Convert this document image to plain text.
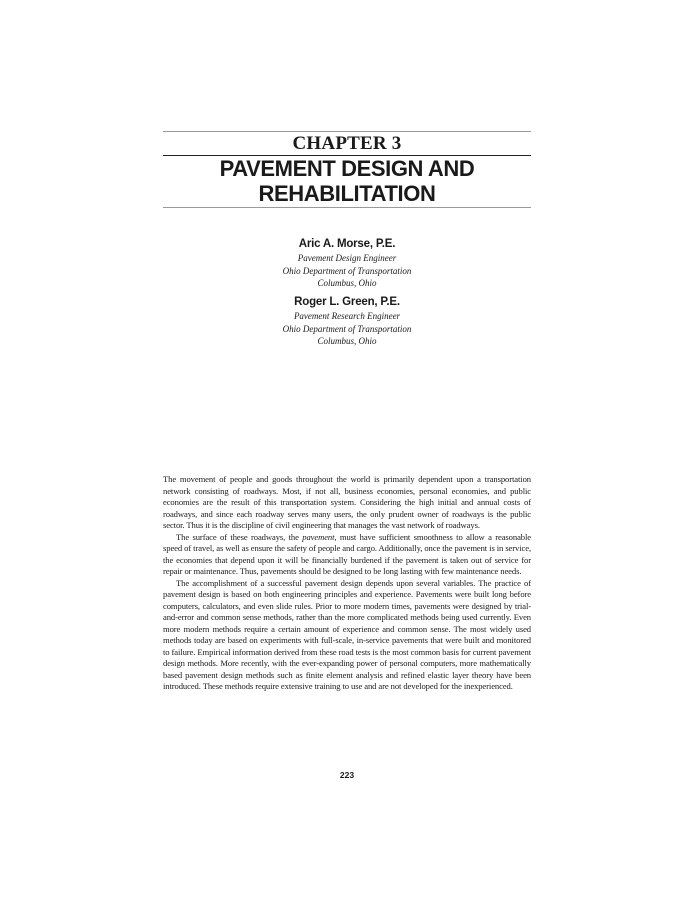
CHAPTER 3
PAVEMENT DESIGN AND
REHABILITATION
Aric A. Morse, P.E.
Pavement Design Engineer
Ohio Department of Transportation
Columbus, Ohio
Roger L. Green, P.E.
Pavement Research Engineer
Ohio Department of Transportation
Columbus, Ohio

The movement of people and goods throughout the world is primarily dependent upon a transportation network consisting of roadways. Most, if not all, business economies, personal economies, and public economies are the result of this transportation system. Considering the high initial and annual costs of roadways, and since each roadway serves many users, the only prudent owner of roadways is the public sector. Thus it is the discipline of civil engineering that manages the vast network of roadways.

The surface of these roadways, the pavement, must have sufficient smoothness to allow a reasonable speed of travel, as well as ensure the safety of people and cargo. Additionally, once the pavement is in service, the economies that depend upon it will be financially burdened if the pavement is taken out of service for repair or maintenance. Thus, pavements should be designed to be long lasting with few maintenance needs.

The accomplishment of a successful pavement design depends upon several variables. The practice of pavement design is based on both engineering principles and experience. Pavements were built long before computers, calculators, and even slide rules. Prior to more modern times, pavements were designed by trial-and-error and common sense methods, rather than the more complicated methods being used currently. Even more modern methods require a certain amount of experience and common sense. The most widely used methods today are based on experiments with full-scale, in-service pavements that were built and monitored to failure. Empirical information derived from these road tests is the most common basis for current pavement design methods. More recently, with the ever-expanding power of personal computers, more mathematically based pavement design methods such as finite element analysis and refined elastic layer theory have been introduced. These methods require extensive training to use and are not developed for the inexperienced.

223
